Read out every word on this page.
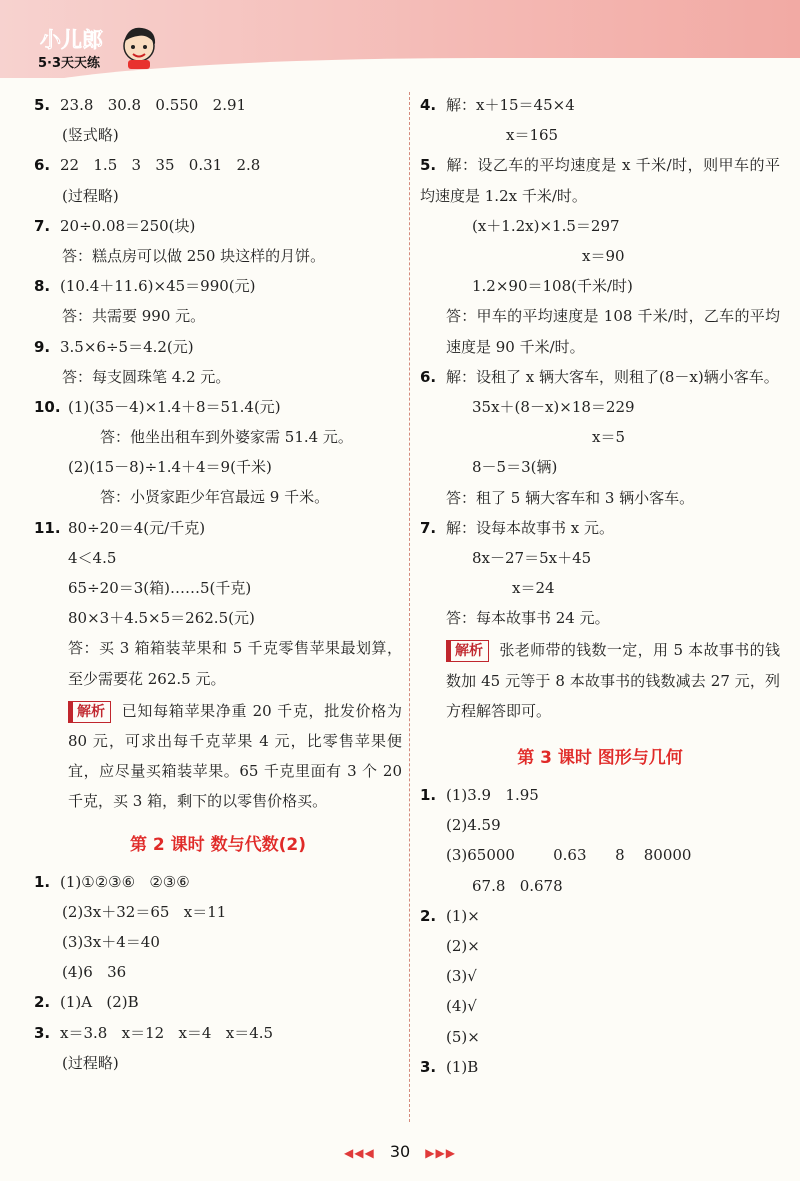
小儿郎
5·3天天练
5. 23.8   30.8   0.550   2.91
(竖式略)
6. 22   1.5   3   35   0.31   2.8
(过程略)
7. 20÷0.08＝250(块)
答：糕点房可以做 250 块这样的月饼。
8. (10.4＋11.6)×45＝990(元)
答：共需要 990 元。
9. 3.5×6÷5＝4.2(元)
答：每支圆珠笔 4.2 元。
10. (1)(35－4)×1.4＋8＝51.4(元)
答：他坐出租车到外婆家需 51.4 元。
(2)(15－8)÷1.4＋4＝9(千米)
答：小贤家距少年宫最远 9 千米。
11. 80÷20＝4(元/千克)
4＜4.5
65÷20＝3(箱)……5(千克)
80×3＋4.5×5＝262.5(元)
答：买 3 箱箱装苹果和 5 千克零售苹果最划算，至少需要花 262.5 元。
解析 已知每箱苹果净重 20 千克，批发价格为 80 元，可求出每千克苹果 4 元，比零售苹果便宜，应尽量买箱装苹果。65 千克里面有 3 个 20 千克，买 3 箱，剩下的以零售价格买。
第 2 课时 数与代数(2)
1. (1)①②③⑥   ②③⑥
(2)3x＋32＝65   x＝11
(3)3x＋4＝40
(4)6   36
2. (1)A   (2)B
3. x＝3.8   x＝12   x＝4   x＝4.5
(过程略)
4. 解：x＋15＝45×4
x＝165
5. 解：设乙车的平均速度是 x 千米/时，则甲车的平均速度是 1.2x 千米/时。
(x＋1.2x)×1.5＝297
x＝90
1.2×90＝108(千米/时)
答：甲车的平均速度是 108 千米/时，乙车的平均速度是 90 千米/时。
6. 解：设租了 x 辆大客车，则租了(8－x)辆小客车。
35x＋(8－x)×18＝229
x＝5
8－5＝3(辆)
答：租了 5 辆大客车和 3 辆小客车。
7. 解：设每本故事书 x 元。
8x－27＝5x＋45
x＝24
答：每本故事书 24 元。
解析 张老师带的钱数一定，用 5 本故事书的钱数加 45 元等于 8 本故事书的钱数减去 27 元，列方程解答即可。
第 3 课时 图形与几何
1. (1)3.9   1.95
(2)4.59
(3)65000        0.63      8    80000
67.8   0.678
2. (1)×
(2)×
(3)√
(4)√
(5)×
3. (1)B
◀◀◀ 30 ▶▶▶
